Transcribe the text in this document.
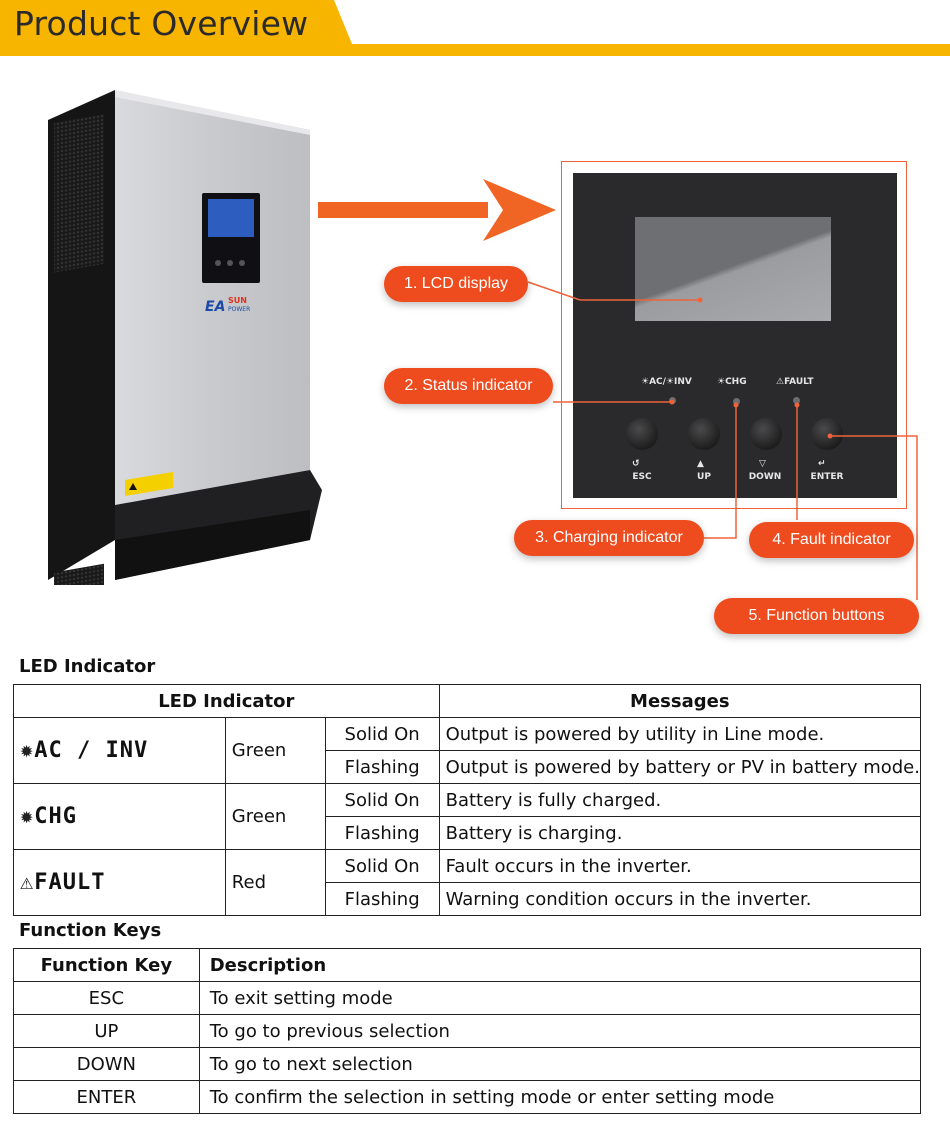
Product Overview
EA SUN
POWER
☀AC/☀INV	☀CHG	⚠FAULT
↺	▲	▽	↵
ESC	UP	DOWN	ENTER
1. LCD display
2. Status indicator
3. Charging indicator	4. Fault indicator
5. Function buttons
LED Indicator
LED Indicator			Messages
✹AC / INV	Green	Solid On	Output is powered by utility in Line mode.
		Flashing	Output is powered by battery or PV in battery mode.
✹CHG	Green	Solid On	Battery is fully charged.
		Flashing	Battery is charging.
⚠FAULT	Red	Solid On	Fault occurs in the inverter.
		Flashing	Warning condition occurs in the inverter.
Function Keys
Function Key	Description
ESC	To exit setting mode
UP	To go to previous selection
DOWN	To go to next selection
ENTER	To confirm the selection in setting mode or enter setting mode
